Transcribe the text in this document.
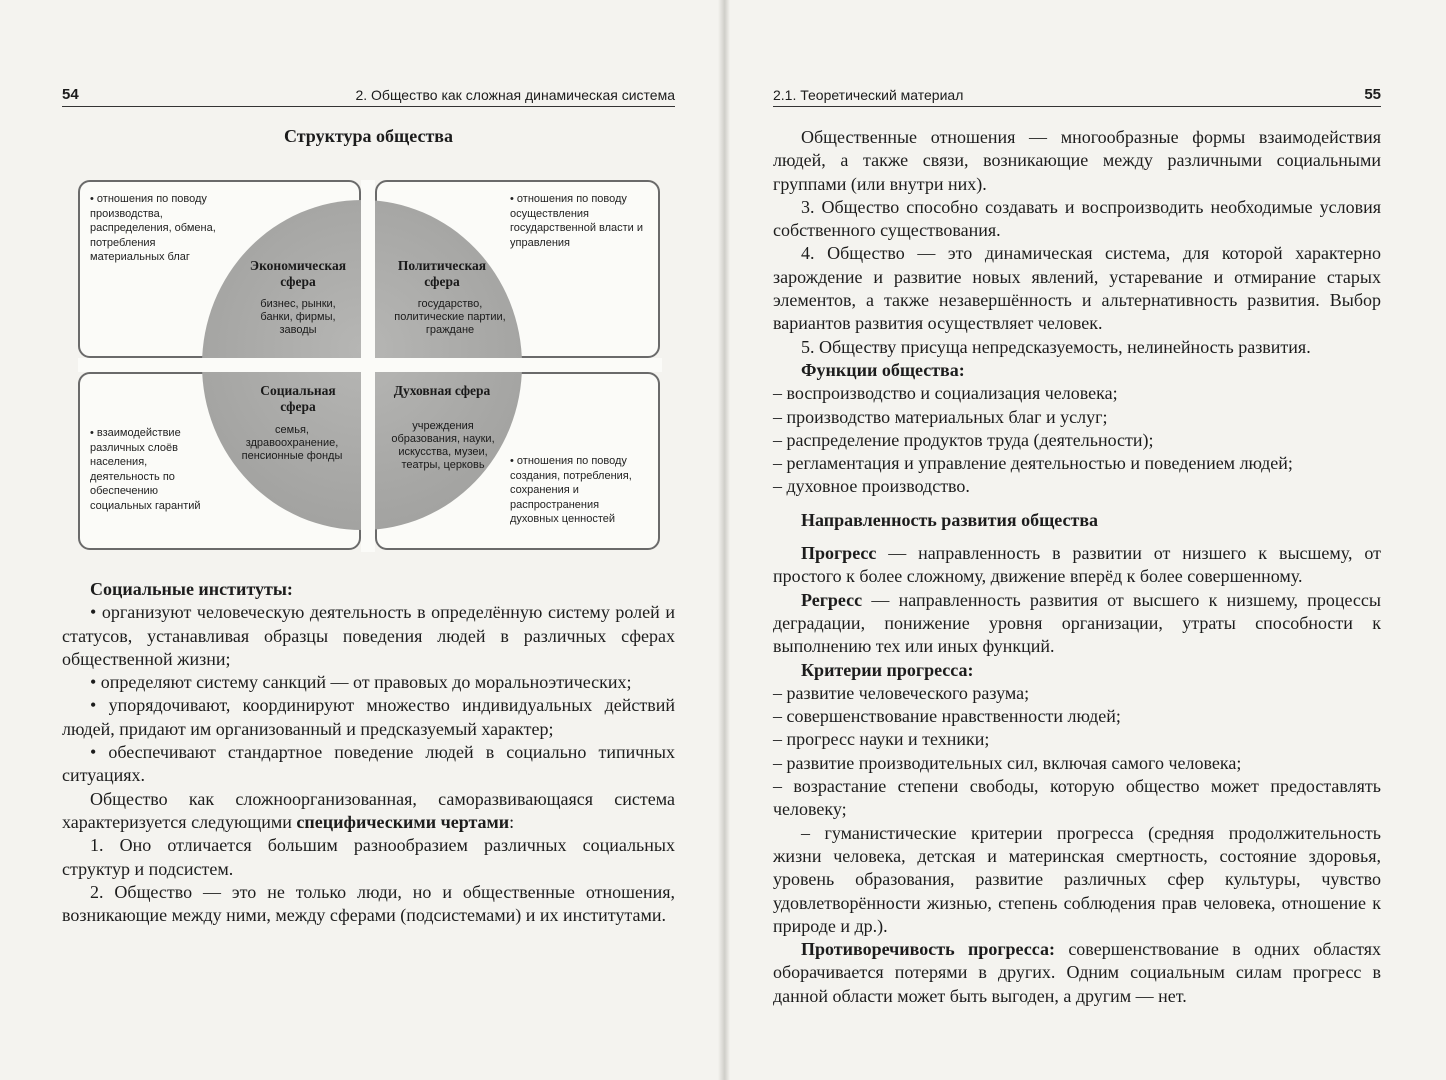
54	2. Общество как сложная динамическая система
Структура общества
• отношения по поводу производства, распределения, обмена, потребления материальных благ
• отношения по поводу осуществления государственной власти и управления
• взаимодействие различных слоёв населения, деятельность по обеспечению социальных гарантий
• отношения по поводу создания, потребления, сохранения и распространения духовных ценностей
Экономическая сфера
бизнес, рынки, банки, фирмы, заводы
Политическая сфера
государство, политические партии, граждане
Социальная сфера
семья, здравоохранение, пенсионные фонды
Духовная сфера
учреждения образования, науки, искусства, музеи, театры, церковь

Социальные институты:

• организуют человеческую деятельность в определённую систему ролей и статусов, устанавливая образцы поведения людей в различных сферах общественной жизни;

• определяют систему санкций — от правовых до моральноэтических;

• упорядочивают, координируют множество индивидуальных действий людей, придают им организованный и предсказуемый характер;

• обеспечивают стандартное поведение людей в социально типичных ситуациях.

Общество как сложноорганизованная, саморазвивающаяся система характеризуется следующими специфическими чертами:

1. Оно отличается большим разнообразием различных социальных структур и подсистем.

2. Общество — это не только люди, но и общественные отношения, возникающие между ними, между сферами (подсистемами) и их институтами.

2.1. Теоретический материал	55

Общественные отношения — многообразные формы взаимодействия людей, а также связи, возникающие между различными социальными группами (или внутри них).

3. Общество способно создавать и воспроизводить необходимые условия собственного существования.

4. Общество — это динамическая система, для которой характерно зарождение и развитие новых явлений, устаревание и отмирание старых элементов, а также незавершённость и альтернативность развития. Выбор вариантов развития осуществляет человек.

5. Обществу присуща непредсказуемость, нелинейность развития.

Функции общества:

– воспроизводство и социализация человека;

– производство материальных благ и услуг;

– распределение продуктов труда (деятельности);

– регламентация и управление деятельностью и поведением людей;

– духовное производство.

Направленность развития общества

Прогресс — направленность в развитии от низшего к высшему, от простого к более сложному, движение вперёд к более совершенному.

Регресс — направленность развития от высшего к низшему, процессы деградации, понижение уровня организации, утраты способности к выполнению тех или иных функций.

Критерии прогресса:

– развитие человеческого разума;

– совершенствование нравственности людей;

– прогресс науки и техники;

– развитие производительных сил, включая самого человека;

– возрастание степени свободы, которую общество может предоставлять человеку;

– гуманистические критерии прогресса (средняя продолжительность жизни человека, детская и материнская смертность, состояние здоровья, уровень образования, развитие различных сфер культуры, чувство удовлетворённости жизнью, степень соблюдения прав человека, отношение к природе и др.).

Противоречивость прогресса: совершенствование в одних областях оборачивается потерями в других. Одним социальным силам прогресс в данной области может быть выгоден, а другим — нет.
